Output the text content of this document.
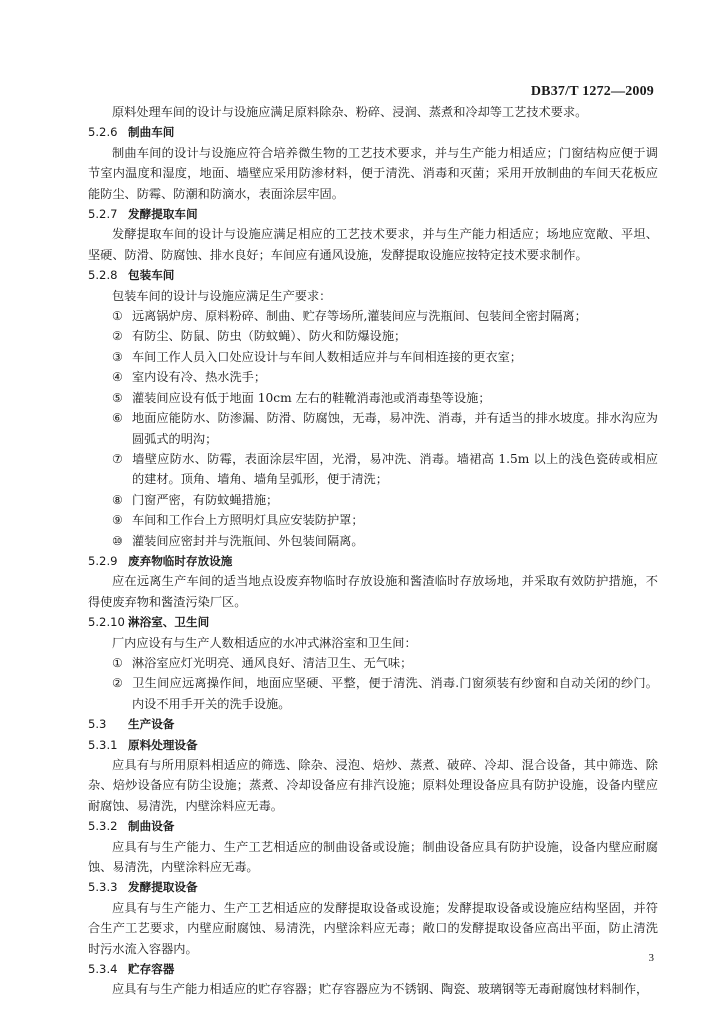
DB37/T 1272—2009

原料处理车间的设计与设施应满足原料除杂、粉碎、浸润、蒸煮和冷却等工艺技术要求。

5.2.6 制曲车间

制曲车间的设计与设施应符合培养微生物的工艺技术要求，并与生产能力相适应；门窗结构应便于调节室内温度和湿度，地面、墙壁应采用防渗材料，便于清洗、消毒和灭菌；采用开放制曲的车间天花板应能防尘、防霉、防潮和防滴水，表面涂层牢固。

5.2.7 发酵提取车间

发酵提取车间的设计与设施应满足相应的工艺技术要求，并与生产能力相适应；场地应宽敞、平坦、坚硬、防滑、防腐蚀、排水良好；车间应有通风设施，发酵提取设施应按特定技术要求制作。

5.2.8 包装车间

包装车间的设计与设施应满足生产要求：

① 远离锅炉房、原料粉碎、制曲、贮存等场所,灌装间应与洗瓶间、包装间全密封隔离；

② 有防尘、防鼠、防虫（防蚊蝇）、防火和防爆设施；

③ 车间工作人员入口处应设计与车间人数相适应并与车间相连接的更衣室；

④ 室内设有冷、热水洗手；

⑤ 灌装间应设有低于地面 10cm 左右的鞋靴消毒池或消毒垫等设施；

⑥ 地面应能防水、防渗漏、防滑、防腐蚀，无毒，易冲洗、消毒，并有适当的排水坡度。排水沟应为圆弧式的明沟；

⑦ 墙壁应防水、防霉，表面涂层牢固，光滑，易冲洗、消毒。墙裙高 1.5m 以上的浅色瓷砖或相应的建材。顶角、墙角、墙角呈弧形，便于清洗；

⑧ 门窗严密，有防蚊蝇措施；

⑨ 车间和工作台上方照明灯具应安装防护罩；

⑩ 灌装间应密封并与洗瓶间、外包装间隔离。

5.2.9 废弃物临时存放设施

应在远离生产车间的适当地点设废弃物临时存放设施和酱渣临时存放场地，并采取有效防护措施，不得使废弃物和酱渣污染厂区。

5.2.10 淋浴室、卫生间

厂内应设有与生产人数相适应的水冲式淋浴室和卫生间：

① 淋浴室应灯光明亮、通风良好、清洁卫生、无气味；

② 卫生间应远离操作间，地面应坚硬、平整，便于清洗、消毒.门窗须装有纱窗和自动关闭的纱门。内设不用手开关的洗手设施。

5.3 生产设备

5.3.1 原料处理设备

应具有与所用原料相适应的筛选、除杂、浸泡、焙炒、蒸煮、破碎、冷却、混合设备，其中筛选、除杂、焙炒设备应有防尘设施；蒸煮、冷却设备应有排汽设施；原料处理设备应具有防护设施，设备内壁应耐腐蚀、易清洗，内壁涂料应无毒。

5.3.2 制曲设备

应具有与生产能力、生产工艺相适应的制曲设备或设施；制曲设备应具有防护设施，设备内壁应耐腐蚀、易清洗，内壁涂料应无毒。

5.3.3 发酵提取设备

应具有与生产能力、生产工艺相适应的发酵提取设备或设施；发酵提取设备或设施应结构坚固，并符合生产工艺要求，内壁应耐腐蚀、易清洗，内壁涂料应无毒；敞口的发酵提取设备应高出平面，防止清洗时污水流入容器内。

5.3.4 贮存容器

应具有与生产能力相适应的贮存容器；贮存容器应为不锈钢、陶瓷、玻璃钢等无毒耐腐蚀材料制作，

3
